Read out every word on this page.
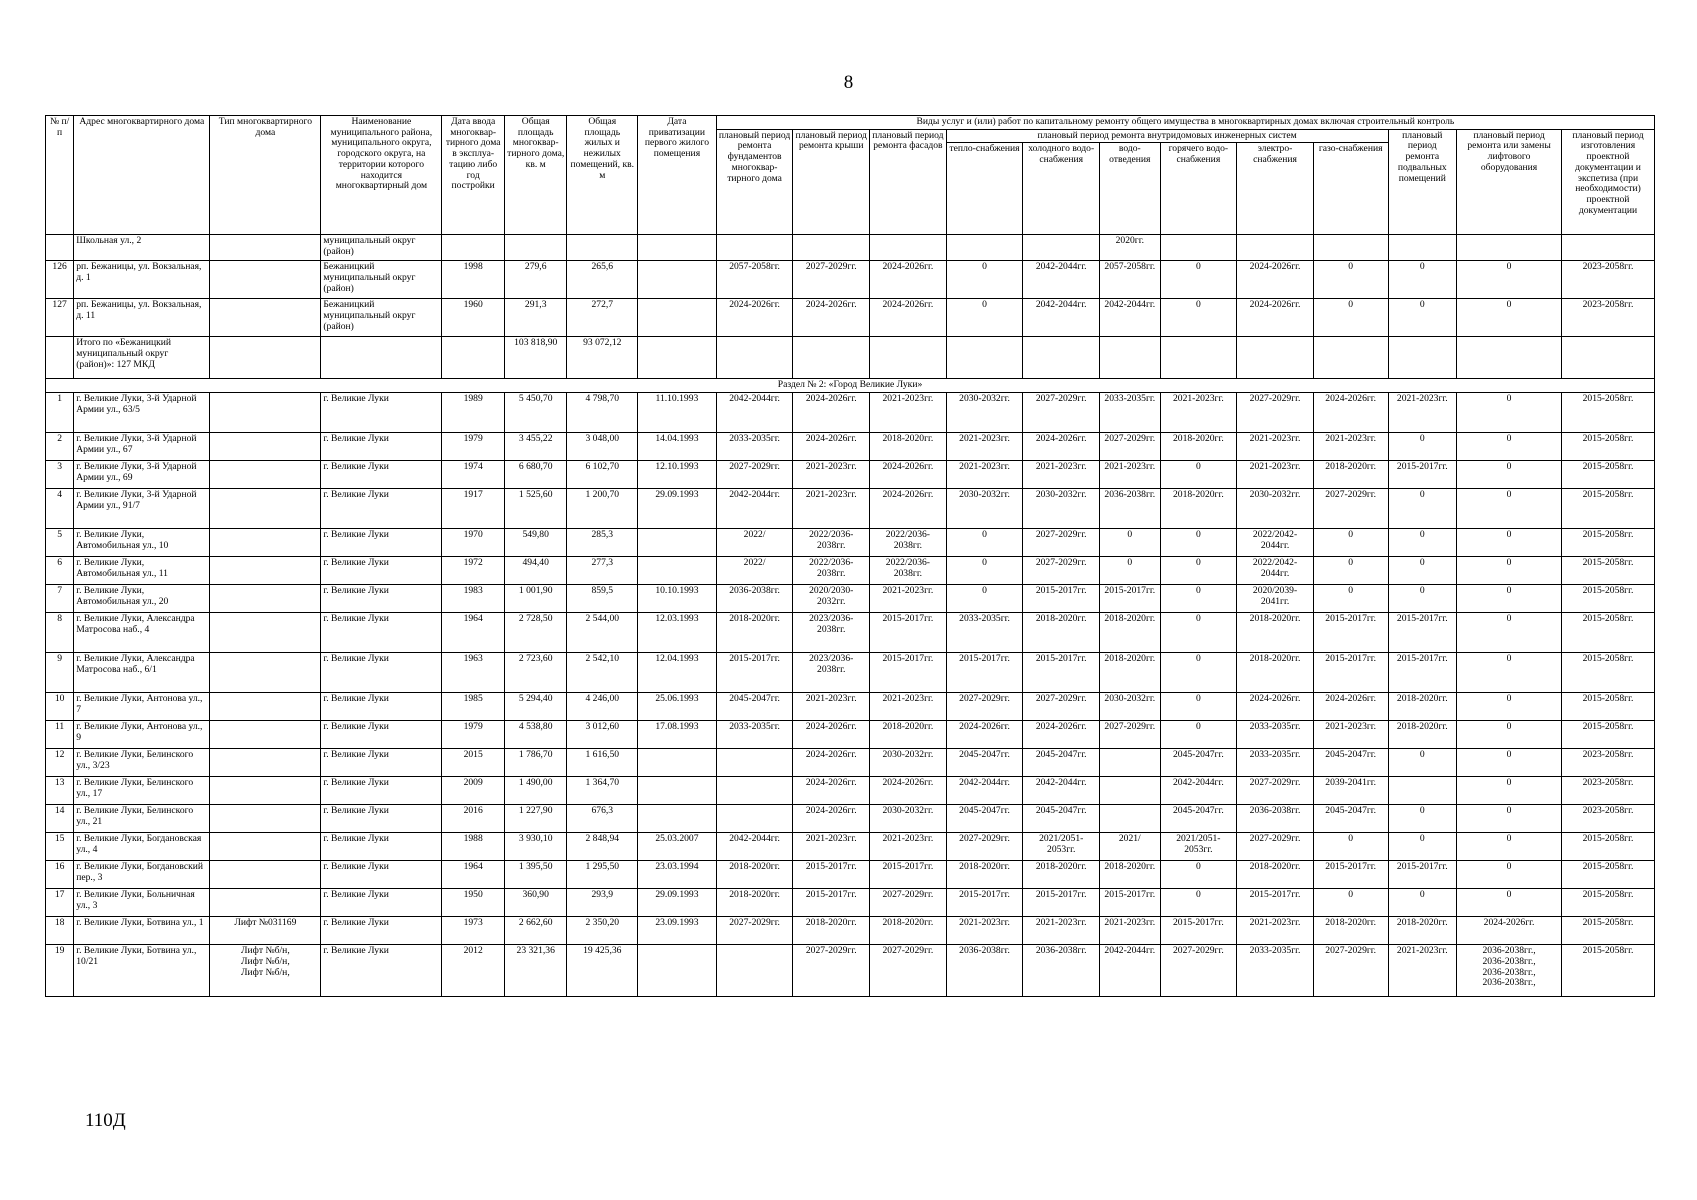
8
№ п/п	Адрес многоквартирного дома	Тип многоквартирного дома	Наименование муниципального района, муниципального округа, городского округа, на территории которого находится многоквартирный дом	Дата ввода многоквар-тирного дома в эксплуа-тацию либо год постройки	Общая площадь многоквар-тирного дома, кв. м	Общая площадь жилых и нежилых помещений, кв. м	Дата приватизации первого жилого помещения	Виды услуг и (или) работ по капитальному ремонту общего имущества в многоквартирных домах включая строительный контроль											
								плановый период ремонта фундаментов многоквар-тирного дома	плановый период ремонта крыши	плановый период ремонта фасадов	плановый период ремонта внутридомовых инженерных систем						плановый период ремонта подвальных помещений	плановый период ремонта или замены лифтового оборудования	плановый период изготовления проектной документации и экспетиза (при необходимости) проектной документации
											тепло-снабжения	холодного водо-снабжения	водо-отведения	горячего водо-снабжения	электро-снабжения	газо-снабжения			
	Школьная ул., 2		муниципальный округ (район)										2020гг.						
126	рп. Бежаницы, ул. Вокзальная, д. 1		Бежаницкий муниципальный округ (район)	1998	279,6	265,6		2057-2058гг.	2027-2029гг.	2024-2026гг.	0	2042-2044гг.	2057-2058гг.	0	2024-2026гг.	0	0	0	2023-2058гг.
127	рп. Бежаницы, ул. Вокзальная, д. 11		Бежаницкий муниципальный округ (район)	1960	291,3	272,7		2024-2026гг.	2024-2026гг.	2024-2026гг.	0	2042-2044гг.	2042-2044гг.	0	2024-2026гг.	0	0	0	2023-2058гг.
	Итого по «Бежаницкий муниципальный округ (район)»: 127 МКД				103 818,90	93 072,12													
Раздел № 2: «Город Великие Луки»																			
1	г. Великие Луки, 3-й Ударной Армии ул., 63/5		г. Великие Луки	1989	5 450,70	4 798,70	11.10.1993	2042-2044гг.	2024-2026гг.	2021-2023гг.	2030-2032гг.	2027-2029гг.	2033-2035гг.	2021-2023гг.	2027-2029гг.	2024-2026гг.	2021-2023гг.	0	2015-2058гг.
2	г. Великие Луки, 3-й Ударной Армии ул., 67		г. Великие Луки	1979	3 455,22	3 048,00	14.04.1993	2033-2035гг.	2024-2026гг.	2018-2020гг.	2021-2023гг.	2024-2026гг.	2027-2029гг.	2018-2020гг.	2021-2023гг.	2021-2023гг.	0	0	2015-2058гг.
3	г. Великие Луки, 3-й Ударной Армии ул., 69		г. Великие Луки	1974	6 680,70	6 102,70	12.10.1993	2027-2029гг.	2021-2023гг.	2024-2026гг.	2021-2023гг.	2021-2023гг.	2021-2023гг.	0	2021-2023гг.	2018-2020гг.	2015-2017гг.	0	2015-2058гг.
4	г. Великие Луки, 3-й Ударной Армии ул., 91/7		г. Великие Луки	1917	1 525,60	1 200,70	29.09.1993	2042-2044гг.	2021-2023гг.	2024-2026гг.	2030-2032гг.	2030-2032гг.	2036-2038гг.	2018-2020гг.	2030-2032гг.	2027-2029гг.	0	0	2015-2058гг.
5	г. Великие Луки, Автомобильная ул., 10		г. Великие Луки	1970	549,80	285,3		2022/	2022/2036-2038гг.	2022/2036-2038гг.	0	2027-2029гг.	0	0	2022/2042-2044гг.	0	0	0	2015-2058гг.
6	г. Великие Луки, Автомобильная ул., 11		г. Великие Луки	1972	494,40	277,3		2022/	2022/2036-2038гг.	2022/2036-2038гг.	0	2027-2029гг.	0	0	2022/2042-2044гг.	0	0	0	2015-2058гг.
7	г. Великие Луки, Автомобильная ул., 20		г. Великие Луки	1983	1 001,90	859,5	10.10.1993	2036-2038гг.	2020/2030-2032гг.	2021-2023гг.	0	2015-2017гг.	2015-2017гг.	0	2020/2039-2041гг.	0	0	0	2015-2058гг.
8	г. Великие Луки, Александра Матросова наб., 4		г. Великие Луки	1964	2 728,50	2 544,00	12.03.1993	2018-2020гг.	2023/2036-2038гг.	2015-2017гг.	2033-2035гг.	2018-2020гг.	2018-2020гг.	0	2018-2020гг.	2015-2017гг.	2015-2017гг.	0	2015-2058гг.
9	г. Великие Луки, Александра Матросова наб., 6/1		г. Великие Луки	1963	2 723,60	2 542,10	12.04.1993	2015-2017гг.	2023/2036-2038гг.	2015-2017гг.	2015-2017гг.	2015-2017гг.	2018-2020гг.	0	2018-2020гг.	2015-2017гг.	2015-2017гг.	0	2015-2058гг.
10	г. Великие Луки, Антонова ул., 7		г. Великие Луки	1985	5 294,40	4 246,00	25.06.1993	2045-2047гг.	2021-2023гг.	2021-2023гг.	2027-2029гг.	2027-2029гг.	2030-2032гг.	0	2024-2026гг.	2024-2026гг.	2018-2020гг.	0	2015-2058гг.
11	г. Великие Луки, Антонова ул., 9		г. Великие Луки	1979	4 538,80	3 012,60	17.08.1993	2033-2035гг.	2024-2026гг.	2018-2020гг.	2024-2026гг.	2024-2026гг.	2027-2029гг.	0	2033-2035гг.	2021-2023гг.	2018-2020гг.	0	2015-2058гг.
12	г. Великие Луки, Белинского ул., 3/23		г. Великие Луки	2015	1 786,70	1 616,50			2024-2026гг.	2030-2032гг.	2045-2047гг.	2045-2047гг.		2045-2047гг.	2033-2035гг.	2045-2047гг.	0	0	2023-2058гг.
13	г. Великие Луки, Белинского ул., 17		г. Великие Луки	2009	1 490,00	1 364,70			2024-2026гг.	2024-2026гг.	2042-2044гг.	2042-2044гг.		2042-2044гг.	2027-2029гг.	2039-2041гг.		0	2023-2058гг.
14	г. Великие Луки, Белинского ул., 21		г. Великие Луки	2016	1 227,90	676,3			2024-2026гг.	2030-2032гг.	2045-2047гг.	2045-2047гг.		2045-2047гг.	2036-2038гг.	2045-2047гг.	0	0	2023-2058гг.
15	г. Великие Луки, Богдановская ул., 4		г. Великие Луки	1988	3 930,10	2 848,94	25.03.2007	2042-2044гг.	2021-2023гг.	2021-2023гг.	2027-2029гг.	2021/2051-2053гг.	2021/	2021/2051-2053гг.	2027-2029гг.	0	0	0	2015-2058гг.
16	г. Великие Луки, Богдановский пер., 3		г. Великие Луки	1964	1 395,50	1 295,50	23.03.1994	2018-2020гг.	2015-2017гг.	2015-2017гг.	2018-2020гг.	2018-2020гг.	2018-2020гг.	0	2018-2020гг.	2015-2017гг.	2015-2017гг.	0	2015-2058гг.
17	г. Великие Луки, Больничная ул., 3		г. Великие Луки	1950	360,90	293,9	29.09.1993	2018-2020гг.	2015-2017гг.	2027-2029гг.	2015-2017гг.	2015-2017гг.	2015-2017гг.	0	2015-2017гг.	0	0	0	2015-2058гг.
18	г. Великие Луки, Ботвина ул., 1	Лифт №031169	г. Великие Луки	1973	2 662,60	2 350,20	23.09.1993	2027-2029гг.	2018-2020гг.	2018-2020гг.	2021-2023гг.	2021-2023гг.	2021-2023гг.	2015-2017гг.	2021-2023гг.	2018-2020гг.	2018-2020гг.	2024-2026гг.	2015-2058гг.
19	г. Великие Луки, Ботвина ул., 10/21	Лифт №б/н,
Лифт №б/н,
Лифт №б/н,	г. Великие Луки	2012	23 321,36	19 425,36			2027-2029гг.	2027-2029гг.	2036-2038гг.	2036-2038гг.	2042-2044гг.	2027-2029гг.	2033-2035гг.	2027-2029гг.	2021-2023гг.	2036-2038гг.,
2036-2038гг.,
2036-2038гг.,
2036-2038гг.,	2015-2058гг.
110Д
